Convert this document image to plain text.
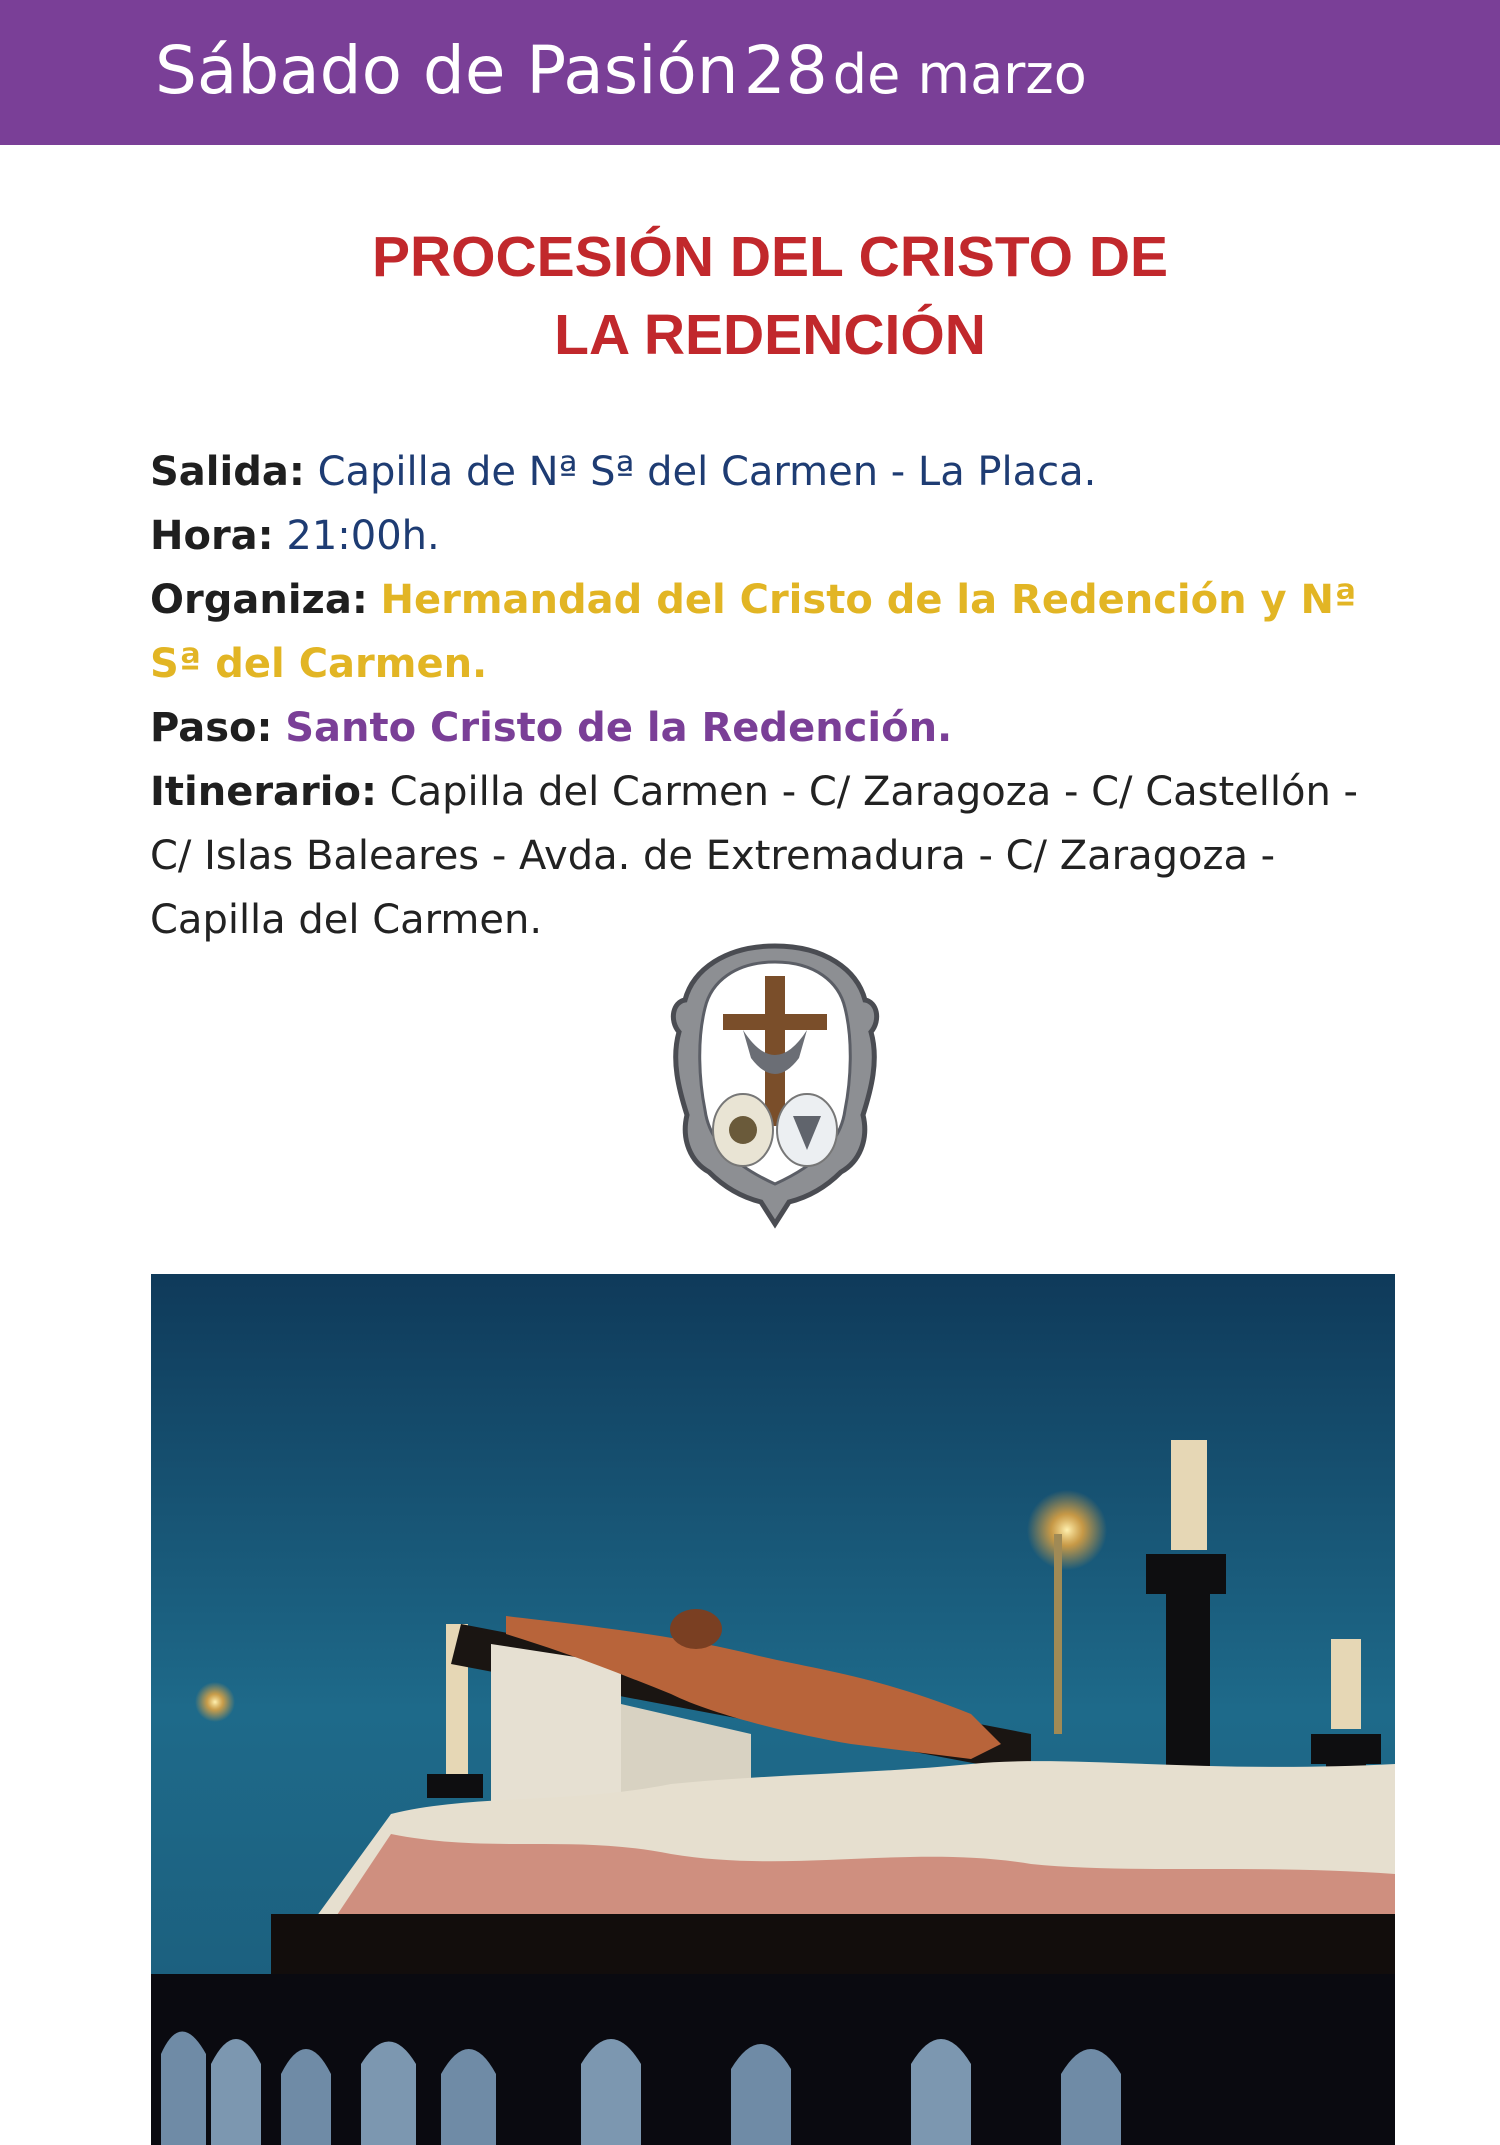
Sábado de Pasión 28 de marzo
PROCESIÓN DEL CRISTO DE
LA REDENCIÓN

Salida: Capilla de Nª Sª del Carmen - La Placa.

Hora: 21:00h.

Organiza: Hermandad del Cristo de la Redención y Nª Sª del Carmen.

Paso: Santo Cristo de la Redención.

Itinerario: Capilla del Carmen - C/ Zaragoza - C/ Castellón - C/ Islas Baleares - Avda. de Extremadura - C/ Zaragoza - Capilla del Carmen.
